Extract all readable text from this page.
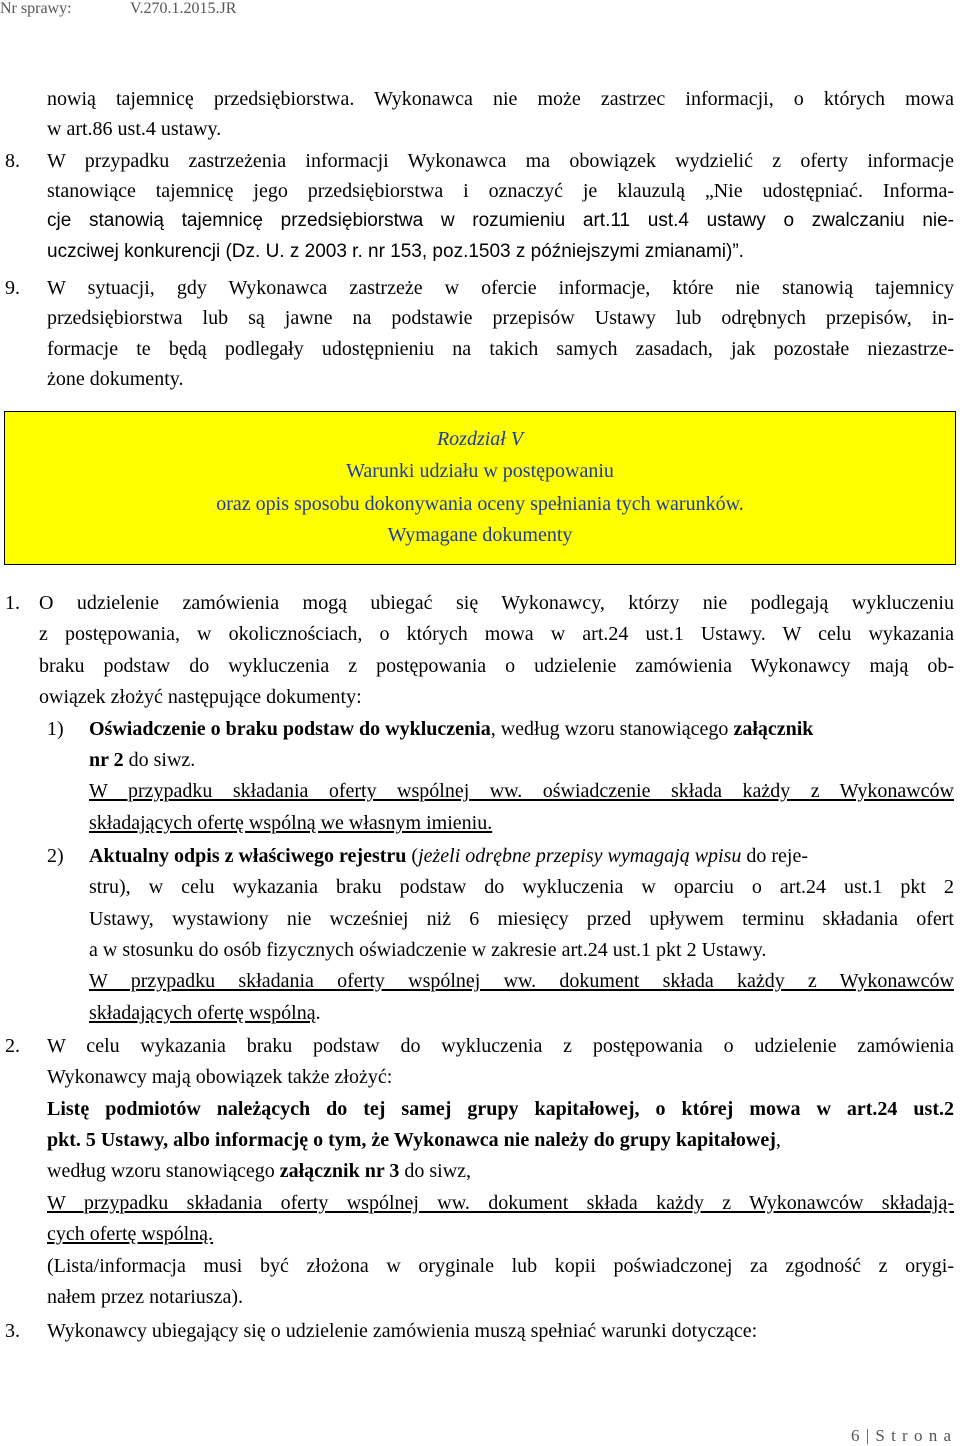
Nr sprawy:	V.270.1.2015.JR
nowią tajemnicę przedsiębiorstwa. Wykonawca nie może zastrzec informacji, o których mowa
w art.86 ust.4 ustawy.
8. W przypadku zastrzeżenia informacji Wykonawca ma obowiązek wydzielić z oferty informacje
stanowiące tajemnicę jego przedsiębiorstwa i oznaczyć je klauzulą „Nie udostępniać. Informa-
cje stanowią tajemnicę przedsiębiorstwa w rozumieniu art.11 ust.4 ustawy o zwalczaniu nie-
uczciwej konkurencji (Dz. U. z 2003 r. nr 153, poz.1503 z późniejszymi zmianami)”.
9. W sytuacji, gdy Wykonawca zastrzeże w ofercie informacje, które nie stanowią tajemnicy
przedsiębiorstwa lub są jawne na podstawie przepisów Ustawy lub odrębnych przepisów, in-
formacje te będą podlegały udostępnieniu na takich samych zasadach, jak pozostałe niezastrze-
żone dokumenty.
Rozdział V
Warunki udziału w postępowaniu
oraz opis sposobu dokonywania oceny spełniania tych warunków.
Wymagane dokumenty
1. O udzielenie zamówienia mogą ubiegać się Wykonawcy, którzy nie podlegają wykluczeniu
z postępowania, w okolicznościach, o których mowa w art.24 ust.1 Ustawy. W celu wykazania
braku podstaw do wykluczenia z postępowania o udzielenie zamówienia Wykonawcy mają ob-
owiązek złożyć następujące dokumenty:
1) Oświadczenie o braku podstaw do wykluczenia, według wzoru stanowiącego załącznik
nr 2 do siwz.
W przypadku składania oferty wspólnej ww. oświadczenie składa każdy z Wykonawców
składających ofertę wspólną we własnym imieniu.
2) Aktualny odpis z właściwego rejestru (jeżeli odrębne przepisy wymagają wpisu do reje-
stru), w celu wykazania braku podstaw do wykluczenia w oparciu o art.24 ust.1 pkt 2
Ustawy, wystawiony nie wcześniej niż 6 miesięcy przed upływem terminu składania ofert
a w stosunku do osób fizycznych oświadczenie w zakresie art.24 ust.1 pkt 2 Ustawy.
W przypadku składania oferty wspólnej ww. dokument składa każdy z Wykonawców
składających ofertę wspólną.
2. W celu wykazania braku podstaw do wykluczenia z postępowania o udzielenie zamówienia
Wykonawcy mają obowiązek także złożyć:
Listę podmiotów należących do tej samej grupy kapitałowej, o której mowa w art.24 ust.2
pkt. 5 Ustawy, albo informację o tym, że Wykonawca nie należy do grupy kapitałowej,
według wzoru stanowiącego załącznik nr 3 do siwz,
W przypadku składania oferty wspólnej ww. dokument składa każdy z Wykonawców składają-
cych ofertę wspólną.
(Lista/informacja musi być złożona w oryginale lub kopii poświadczonej za zgodność z orygi-
nałem przez notariusza).
3. Wykonawcy ubiegający się o udzielenie zamówienia muszą spełniać warunki dotyczące:
6 | S t r o n a
